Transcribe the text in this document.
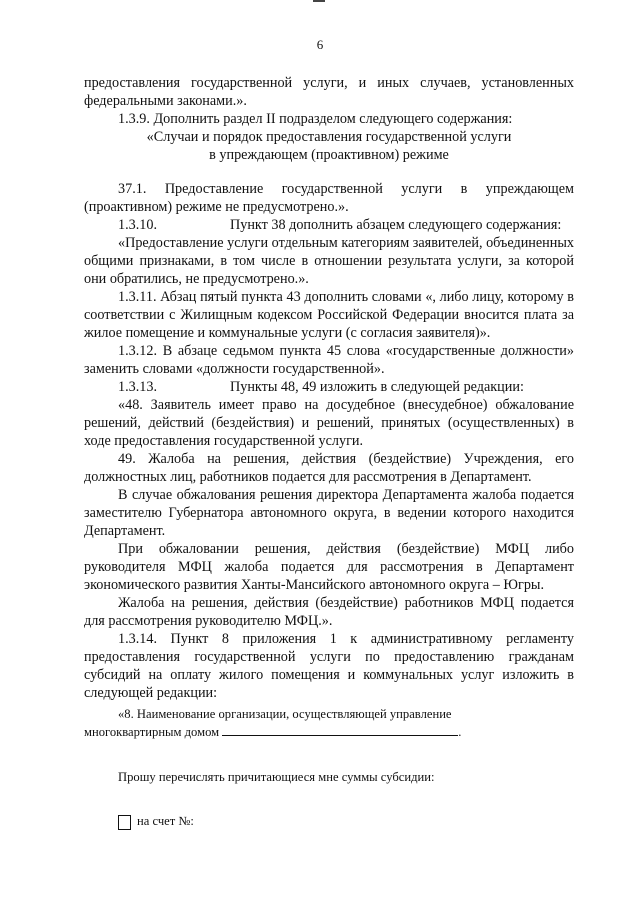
6

предоставления государственной услуги, и иных случаев, установленных федеральными законами.».

1.3.9. Дополнить раздел II подразделом следующего содержания:

«Случаи и порядок предоставления государственной услуги

в упреждающем (проактивном) режиме

37.1. Предоставление государственной услуги в упреждающем (проактивном) режиме не предусмотрено.».

1.3.10.	Пункт 38 дополнить абзацем следующего содержания:

«Предоставление услуги отдельным категориям заявителей, объединенных общими признаками, в том числе в отношении результата услуги, за которой они обратились, не предусмотрено.».

1.3.11. Абзац пятый пункта 43 дополнить словами «, либо лицу, которому в соответствии с Жилищным кодексом Российской Федерации вносится плата за жилое помещение и коммунальные услуги (с согласия заявителя)».

1.3.12. В абзаце седьмом пункта 45 слова «государственные должности» заменить словами «должности государственной».

1.3.13.	Пункты 48, 49 изложить в следующей редакции:

«48. Заявитель имеет право на досудебное (внесудебное) обжалование решений, действий (бездействия) и решений, принятых (осуществленных) в ходе предоставления государственной услуги.

49. Жалоба на решения, действия (бездействие) Учреждения, его должностных лиц, работников подается для рассмотрения в Департамент.

В случае обжалования решения директора Департамента жалоба подается заместителю Губернатора автономного округа, в ведении которого находится Департамент.

При обжаловании решения, действия (бездействие) МФЦ либо руководителя МФЦ жалоба подается для рассмотрения в Департамент экономического развития Ханты-Мансийского автономного округа – Югры.

Жалоба на решения, действия (бездействие) работников МФЦ подается для рассмотрения руководителю МФЦ.».

1.3.14. Пункт 8 приложения 1 к административному регламенту предоставления государственной услуги по предоставлению гражданам субсидий на оплату жилого помещения и коммунальных услуг изложить в следующей редакции:

«8. Наименование организации, осуществляющей управление

многоквартирным домом	.

Прошу перечислять причитающиеся мне суммы субсидии:

на счет №:
